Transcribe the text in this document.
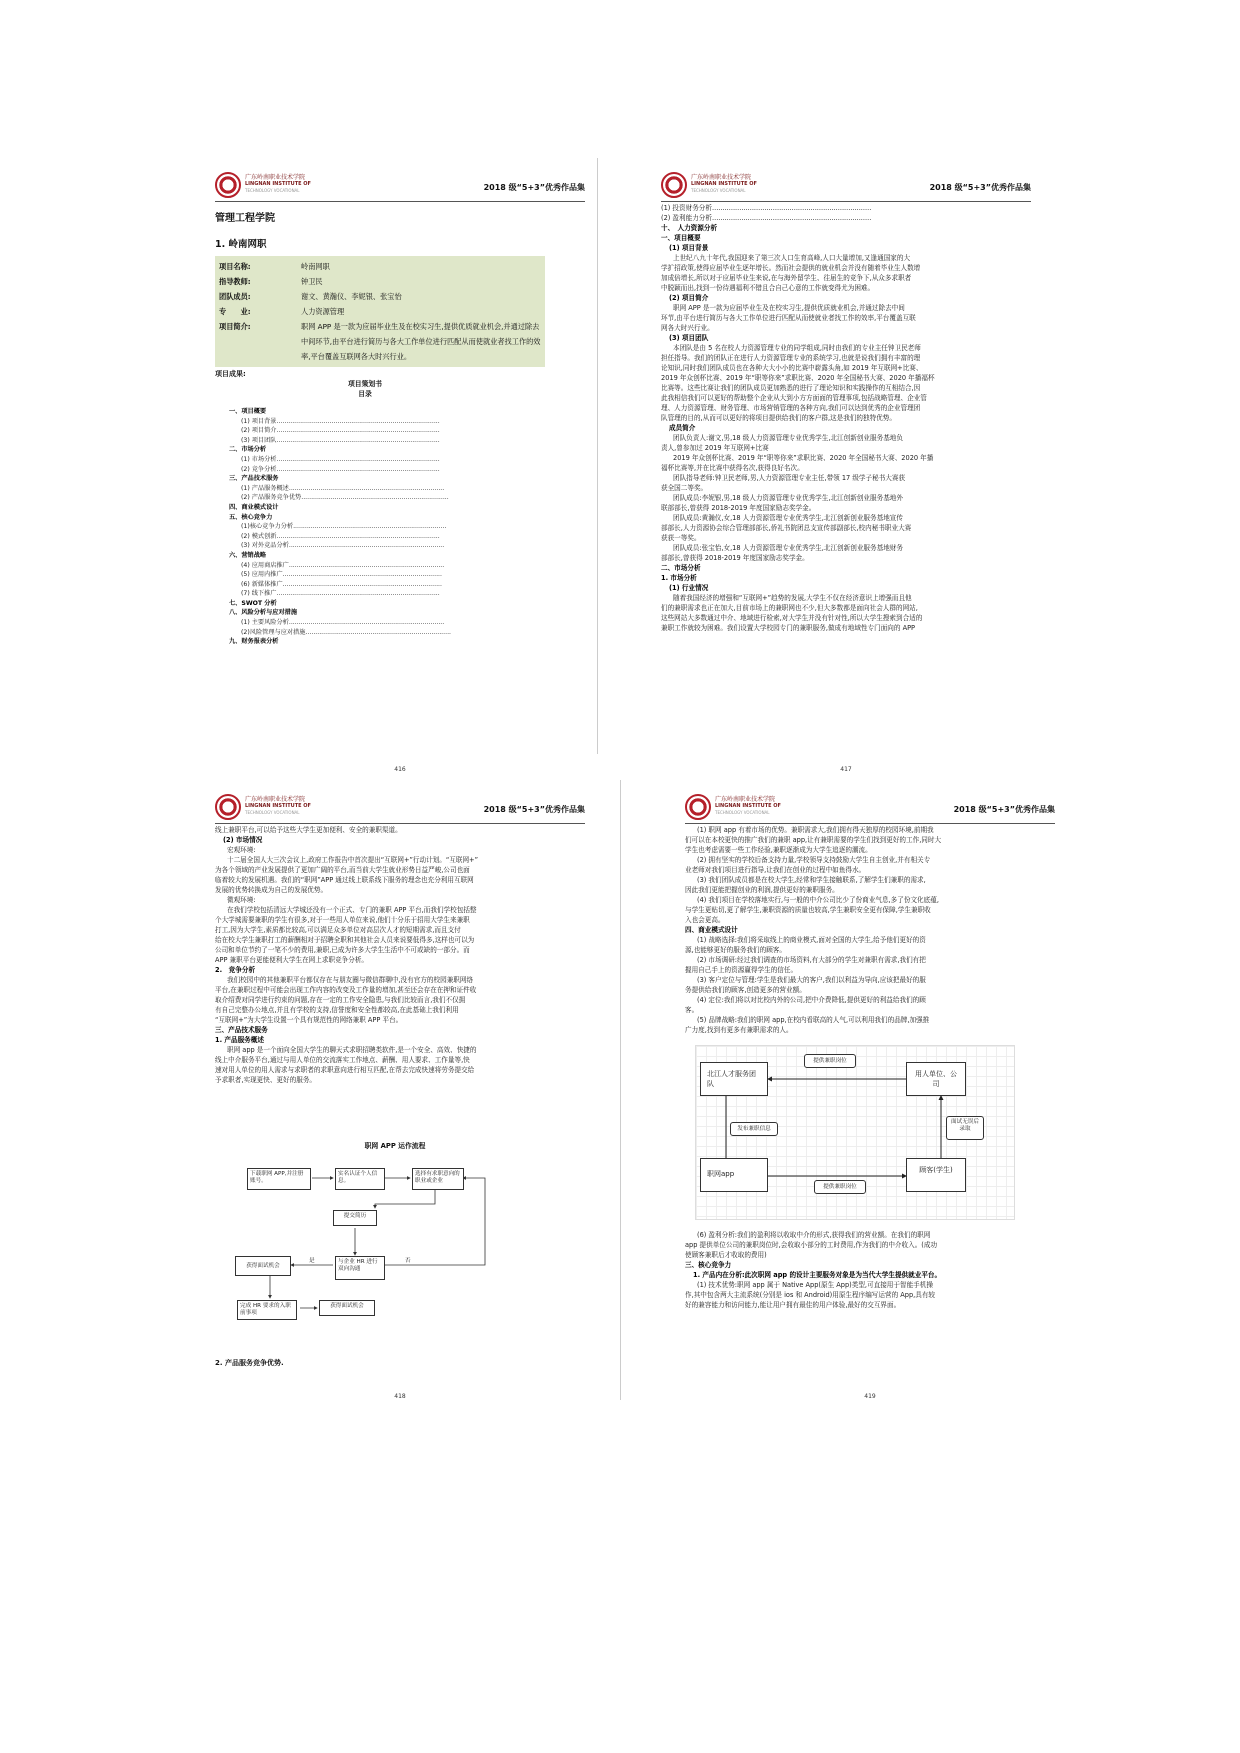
广东岭南职业技术学院
LINGNAN INSTITUTE OF
TECHNOLOGY VOCATIONAL	2018 级“5+3”优秀作品集
管理工程学院
1. 岭南网职
项目名称:	岭南网职
指导教师:	钟卫民
团队成员:	谢文、黄瀚仪、李妮银、张宝怡
专　　业:	人力资源管理
项目简介:	职网 APP 是一款为应届毕业生及在校实习生,提供优质就业机会,并通过除去中间环节,由平台进行简历与各大工作单位进行匹配从而使就业者找工作的效率,平台覆盖互联网各大时兴行业。
项目成果:
项目策划书
目录
一、项目概要
(1) 项目背景...................................................................................
(2) 项目简介...................................................................................
(3) 项目团队...................................................................................
二、市场分析
(1) 市场分析...................................................................................
(2) 竞争分析...................................................................................
三、产品技术服务
(1) 产品服务概述...............................................................................
(2) 产品服务竞争优势...........................................................................
四、商业模式设计
五、核心竞争力
(1)核心竞争力分析..............................................................................
(2) 模式创新...................................................................................
(3) 对外竞品分析...............................................................................
六、营销战略
(4) 应用商店推广...............................................................................
(5) 应用内推广.................................................................................
(6) 新媒体推广.................................................................................
(7) 线下推广...................................................................................
七、SWOT 分析
八、风险分析与应对措施
(1) 主要风险分析...............................................................................
(2)风险管理与应对措施..........................................................................
九、财务报表分析
416
广东岭南职业技术学院
LINGNAN INSTITUTE OF
TECHNOLOGY VOCATIONAL	2018 级“5+3”优秀作品集

(1) 投资财务分析............................................................................

(2) 盈利能力分析............................................................................

十、　人力资源分析

一、项目概要

(1) 项目背景

上世纪八九十年代,我国迎来了第三次人口生育高峰,人口大量增加,又逢通国家的大

学扩招政策,使得应届毕业生逐年增长。然而社会提供的就业机会并没有随着毕业生人数增

加成倍增长,所以对于应届毕业生来说,在与海外留学生、往届生的竞争下,从众多求职者

中脱颖而出,找到一份待遇福利不错且合自己心意的工作就变得尤为困难。

(2) 项目简介

职网 APP 是一款为应届毕业生及在校实习生,提供优质就业机会,并通过除去中间

环节,由平台进行简历与各大工作单位进行匹配从而使就业者找工作的效率,平台覆盖互联

网各大时兴行业。

(3) 项目团队

本团队是由 5 名在校人力资源管理专业的同学组成,同时由我们的专业主任钟卫民老师

担任指导。我们的团队正在进行人力资源管理专业的系统学习,也就是说我们拥有丰富的理

论知识,同时我们团队成员也在各种大大小小的比赛中崭露头角,如 2019 年互联网+比赛、

2019 年众创杯比赛、2019 年“职等你来”求职比赛、2020 年全国秘书大赛、2020 年播福杯

比赛等。这些比赛让我们的团队成员更加熟悉的进行了理论知识和实践操作的互相结合,因

此我相信我们可以更好的帮助整个企业从大到小方方面面的管理事项,包括战略管理、企业管

理、人力资源管理、财务管理、市场营销管理的各种方向,我们可以达到优秀的企业管理团

队管理的目的,从而可以更好的将项目提供给我们的客户群,这是我们的独特优势。

成员简介

团队负责人:谢文,男,18 级人力资源管理专业优秀学生,北江创新创业服务基地负

责人,曾参加过 2019 年互联网+比赛

2019 年众创杯比赛、2019 年“职等你来”求职比赛、2020 年全国秘书大赛、2020 年播

福杯比赛等,并在比赛中获得名次,获得良好名次。

团队指导老师:钟卫民老师,男,人力资源管理专业主任,带领 17 级学子秘书大赛获

获全国二等奖。

团队成员:李妮银,男,18 级人力资源管理专业优秀学生,北江创新创业服务基地外

联部部长,曾获得 2018-2019 年度国家励志奖学金。

团队成员:黄瀚仪,女,18 人力资源管理专业优秀学生,北江创新创业服务基地宣传

部部长,人力资源协会综合管理部部长,侨礼书院团总支宣传部副部长,校内秘书职业大赛

获获一等奖。

团队成员:张宝怡,女,18 人力资源管理专业优秀学生,北江创新创业服务基地财务

部部长,曾获得 2018-2019 年度国家励志奖学金。

二、市场分析

1. 市场分析

(1) 行业情况

随着我国经济的增强和“互联网+”趋势的发展,大学生不仅在经济意识上增强而且他

们的兼职需求也正在加大,目前市场上的兼职网也不少,但大多数都是面向社会人群的网站,

这些网站大多数通过中介、地域进行检索,对大学生并没有针对性,所以大学生搜索到合适的

兼职工作就较为困难。我们设置大学校园专门的兼职服务,做成有地域性专门面向的 APP

417
广东岭南职业技术学院
LINGNAN INSTITUTE OF
TECHNOLOGY VOCATIONAL	2018 级“5+3”优秀作品集

线上兼职平台,可以给予这些大学生更加便利、安全的兼职渠道。

(2) 市场情况

宏观环境:

十二届全国人大三次会议上,政府工作报告中首次提出“互联网+”行动计划。“互联网+”

为各个领域的产业发展提供了更加广阔的平台,而当前大学生就业形势日益严峻,公司也面

临着较大的发展机遇。我们的“职网”APP 通过线上联系线下服务的理念也充分利用互联网

发展的优势转换成为自己的发展优势。

微观环境:

在我们学校包括清远大学城还没有一个正式、专门的兼职 APP 平台,而我们学校包括整

个大学城需要兼职的学生有很多,对于一些用人单位来说,他们十分乐于招用大学生来兼职

打工,因为大学生,素质都比较高,可以满足众多单位对高层次人才的短期需求,而且支付

给在校大学生兼职打工的薪酬相对于招聘全职和其他社会人员来说要低得多,这样也可以为

公司和单位节约了一笔不少的费用,兼职,已成为许多大学生生活中不可或缺的一部分。而

APP 兼职平台更能便利大学生在网上求职竞争分析。

2.　竞争分析

我们校园中的其他兼职平台都仅存在与朋友圈与微信群聊中,没有官方的校园兼职网络

平台,在兼职过程中可能会出现工作内容的改变及工作量的增加,甚至还会存在在押和证件收

取介绍费对同学进行约束的问题,存在一定的工作安全隐患,与我们比较而言,我们不仅拥

有自己完整办公地点,并且有学校的支持,信誉度和安全性都较高,在此基础上我们利用

“互联网+”为大学生设置一个具有规范性的网络兼职 APP 平台。

三、产品技术服务

1. 产品服务概述

职网 app 是一个面向全国大学生的聊天式求职招聘类软件,是一个安全、高效、快捷的

线上中介服务平台,通过与用人单位的交流落实工作地点、薪酬、用人要求、工作量等,快

速对用人单位的用人需求与求职者的求职意向进行相互匹配,在帮去完成快速将劳务提交给

予求职者,实现更快、更好的服务。

职网 APP 运作流程
下载职网 APP,并注册账号。
实名认证个人信息。
选择有求职意向的职业或企业
提交简历
获得面试机会
与企业 HR 进行双向沟通
是	否
完成 HR 要求的入职前事项
获得面试机会
2. 产品服务竞争优势.
418
广东岭南职业技术学院
LINGNAN INSTITUTE OF
TECHNOLOGY VOCATIONAL	2018 级“5+3”优秀作品集

(1) 职网 app 有着市场的优势。兼职需求大,我们拥有得天独厚的校园环境,前期我

们可以在本校更快的推广我们的兼职 app,让有兼职需要的学生们找到更好的工作,同时大

学生也考虑需要一些工作经验,兼职逐渐成为大学生追逐的潮流。

(2) 拥有坚实的学校后备支持力量,学校领导支持鼓励大学生自主创业,并有相关专

业老师对我们项目进行指导,让我们在创业的过程中如鱼得水。

(3) 我们团队成员都是在校大学生,经常和学生接触联系,了解学生们兼职的需求,

因此我们更能把握创业的利润,提供更好的兼职服务。

(4) 我们项目在学校落地实行,与一般的中介公司比少了份商业气息,多了份文化底蕴,

与学生更贴切,更了解学生,兼职资源的质量也较高,学生兼职安全更有保障,学生兼职收

入也会更高。

四、商业模式设计

(1) 战略选择:我们将采取线上的商业模式,面对全国的大学生,给予他们更好的资

源,也能够更好的服务我们的顾客。

(2) 市场调研:经过我们调查的市场资料,有大部分的学生对兼职有需求,我们有把

握用自己手上的资源赢得学生的信任。

(3) 客户定位与管理:学生是我们最大的客户,我们以利益为导向,应该把最好的服

务提供给我们的顾客,创造更多的营业额。

(4) 定位:我们将以对比校内外的公司,把中介费降低,提供更好的利益给我们的顾

客。

(5) 品牌战略:我们的职网 app,在校内看联高的人气,可以利用我们的品牌,加强推

广力度,找到有更多有兼职需求的人。

北江人才服务团队
用人单位、公司
职网app	顾客(学生)
提供兼职岗位
发布兼职信息
面试无误后录取
提供兼职岗位

(6) 盈利分析:我们的盈利将以收取中介的形式,获得我们的营业额。在我们的职网

app 提供单位公司的兼职岗位时,会收取小部分的工时费用,作为我们的中介收入。(成功

使顾客兼职后才收取的费用)

三、核心竞争力

1. 产品内在分析:此次职网 app 的设计主要服务对象是为当代大学生提供就业平台。

(1) 技术优势:职网 app 属于 Native App(原生 App)类型,可直接用于智能手机操

作,其中包含两大主流系统(分别是 ios 和 Android)用原生程序编写运营的 App,具有较

好的兼容能力和访问能力,能让用户拥有最佳的用户体验,最好的交互界面。

419
